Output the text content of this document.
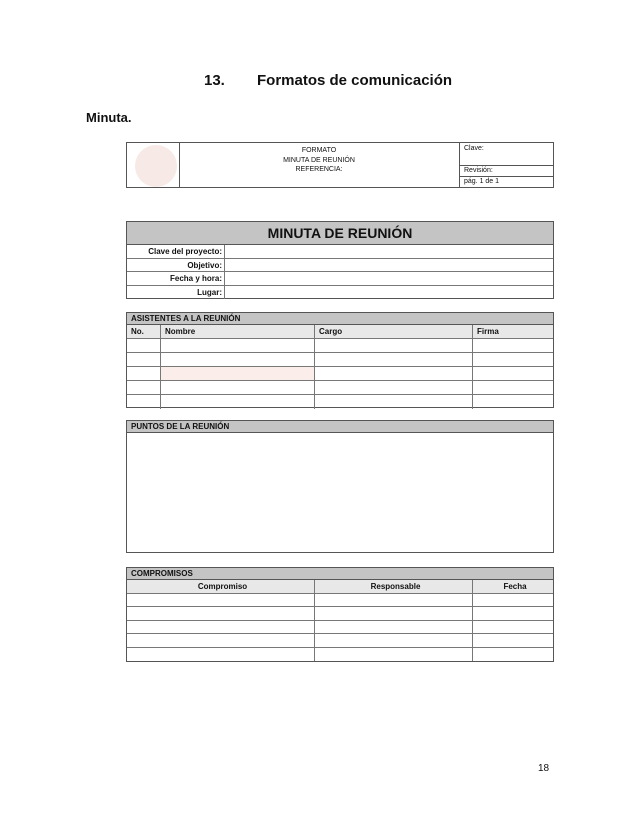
13. Formatos de comunicación
Minuta.
FORMATO
MINUTA DE REUNIÓN
REFERENCIA:
Clave:
Revisión:
pág. 1 de 1
MINUTA DE REUNIÓN
Clave del proyecto:
Objetivo:
Fecha y hora:
Lugar:
ASISTENTES A LA REUNIÓN
No.	Nombre	Cargo	Firma
PUNTOS DE LA REUNIÓN
COMPROMISOS
Compromiso	Responsable	Fecha
18
